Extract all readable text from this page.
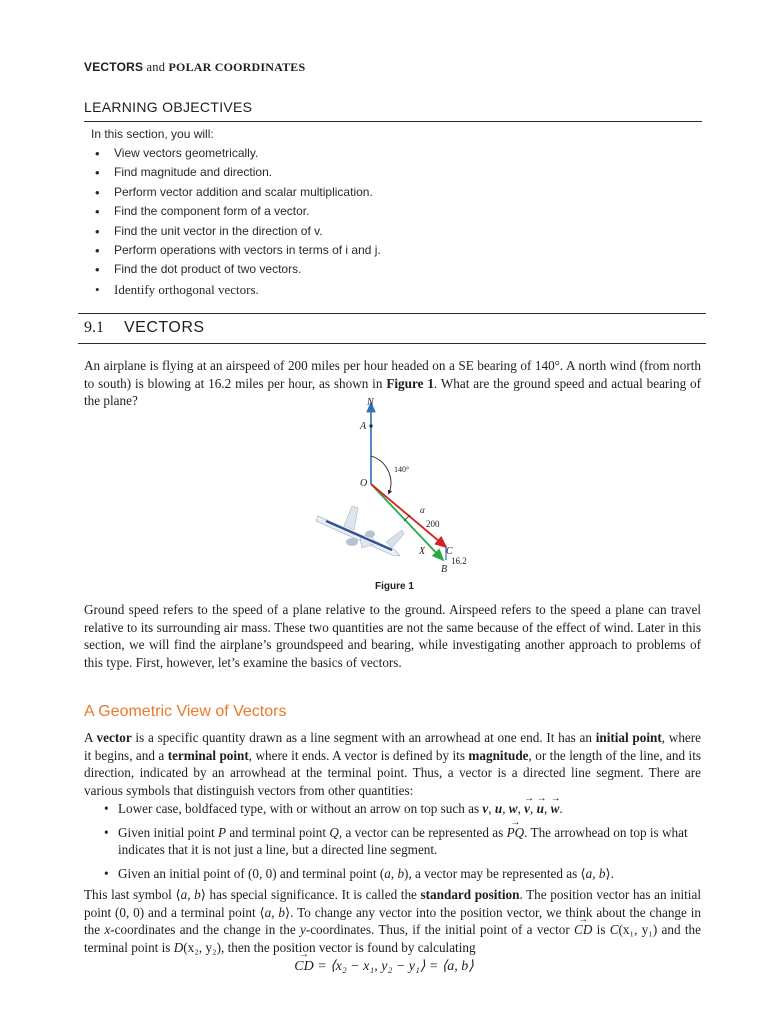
VECTORS and POLAR COORDINATES
LEARNING OBJECTIVES
In this section, you will:
• View vectors geometrically.
• Find magnitude and direction.
• Perform vector addition and scalar multiplication.
• Find the component form of a vector.
• Find the unit vector in the direction of v.
• Perform operations with vectors in terms of i and j.
• Find the dot product of two vectors.
• Identify orthogonal vectors.
9.1 VECTORS

An airplane is flying at an airspeed of 200 miles per hour headed on a SE bearing of 140°. A north wind (from north to south) is blowing at 16.2 miles per hour, as shown in Figure 1. What are the ground speed and actual bearing of the plane?	N
A
140°
O
α
200
X C
16.2
B
Figure 1

Ground speed refers to the speed of a plane relative to the ground. Airspeed refers to the speed a plane can travel relative to its surrounding air mass. These two quantities are not the same because of the effect of wind. Later in this section, we will find the airplane’s groundspeed and bearing, while investigating another approach to problems of this type. First, however, let’s examine the basics of vectors.

A Geometric View of Vectors

A vector is a specific quantity drawn as a line segment with an arrowhead at one end. It has an initial point, where it begins, and a terminal point, where it ends. A vector is defined by its magnitude, or the length of the line, and its direction, indicated by an arrowhead at the terminal point. Thus, a vector is a directed line segment. There are various symbols that distinguish vectors from other quantities:

• Lower case, boldfaced type, with or without an arrow on top such as v, u, w, → v, → u, → w.
• Given initial point P and terminal point Q, a vector can be represented as → PQ. The arrowhead on top is what indicates that it is not just a line, but a directed line segment.
• Given an initial point of (0, 0) and terminal point (a, b), a vector may be represented as ⟨a, b⟩.

This last symbol ⟨a, b⟩ has special significance. It is called the standard position. The position vector has an initial point (0, 0) and a terminal point ⟨a, b⟩. To change any vector into the position vector, we think about the change in the x-coordinates and the change in the y-coordinates. Thus, if the initial point of a vector → CD is C(x₁, y₁) and the terminal point is D(x₂, y₂), then the position vector is found by calculating

→ CD = ⟨x₂ − x₁, y₂ − y₁⟩ = ⟨a, b⟩
